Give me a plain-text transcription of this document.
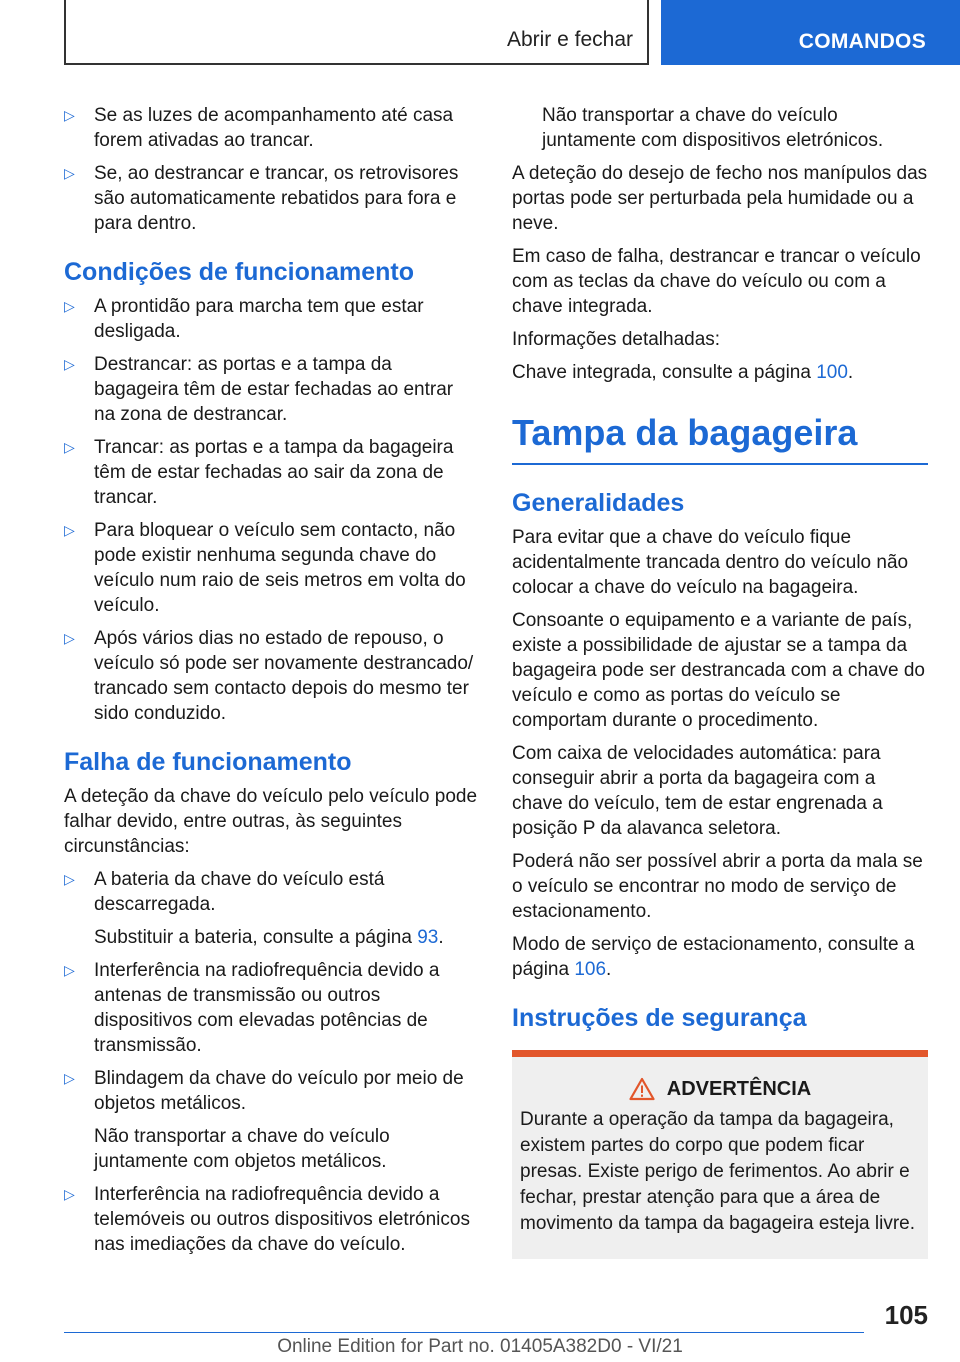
Abrir e fechar	COMANDOS
▷	Se as luzes de acompanhamento até casa forem ativadas ao trancar.
▷	Se, ao destrancar e trancar, os retrovisores são automaticamente rebatidos para fora e para dentro.
Condições de funcionamento
▷	A prontidão para marcha tem que estar desligada.
▷	Destrancar: as portas e a tampa da bagageira têm de estar fechadas ao entrar na zona de destrancar.
▷	Trancar: as portas e a tampa da bagageira têm de estar fechadas ao sair da zona de trancar.
▷	Para bloquear o veículo sem contacto, não pode existir nenhuma segunda chave do veículo num raio de seis metros em volta do veículo.
▷	Após vários dias no estado de repouso, o veículo só pode ser novamente destrancado/ trancado sem contacto depois do mesmo ter sido conduzido.
Falha de funcionamento
A deteção da chave do veículo pelo veículo pode falhar devido, entre outras, às seguintes circunstâncias:
▷	A bateria da chave do veículo está descarregada.
Substituir a bateria, consulte a página 93.
▷	Interferência na radiofrequência devido a antenas de transmissão ou outros dispositivos com elevadas potências de transmissão.
▷	Blindagem da chave do veículo por meio de objetos metálicos.
Não transportar a chave do veículo juntamente com objetos metálicos.
▷	Interferência na radiofrequência devido a telemóveis ou outros dispositivos eletrónicos nas imediações da chave do veículo.
Não transportar a chave do veículo juntamente com dispositivos eletrónicos.
A deteção do desejo de fecho nos manípulos das portas pode ser perturbada pela humidade ou a neve.
Em caso de falha, destrancar e trancar o veículo com as teclas da chave do veículo ou com a chave integrada.
Informações detalhadas:
Chave integrada, consulte a página 100.
Tampa da bagageira
Generalidades
Para evitar que a chave do veículo fique acidentalmente trancada dentro do veículo não colocar a chave do veículo na bagageira.
Consoante o equipamento e a variante de país, existe a possibilidade de ajustar se a tampa da bagageira pode ser destrancada com a chave do veículo e como as portas do veículo se comportam durante o procedimento.
Com caixa de velocidades automática: para conseguir abrir a porta da bagageira com a chave do veículo, tem de estar engrenada a posição P da alavanca seletora.
Poderá não ser possível abrir a porta da mala se o veículo se encontrar no modo de serviço de estacionamento.
Modo de serviço de estacionamento, consulte a página 106.
Instruções de segurança
ADVERTÊNCIA
Durante a operação da tampa da bagageira, existem partes do corpo que podem ficar presas. Existe perigo de ferimentos. Ao abrir e fechar, prestar atenção para que a área de movimento da tampa da bagageira esteja livre.
105
Online Edition for Part no. 01405A382D0 - VI/21
